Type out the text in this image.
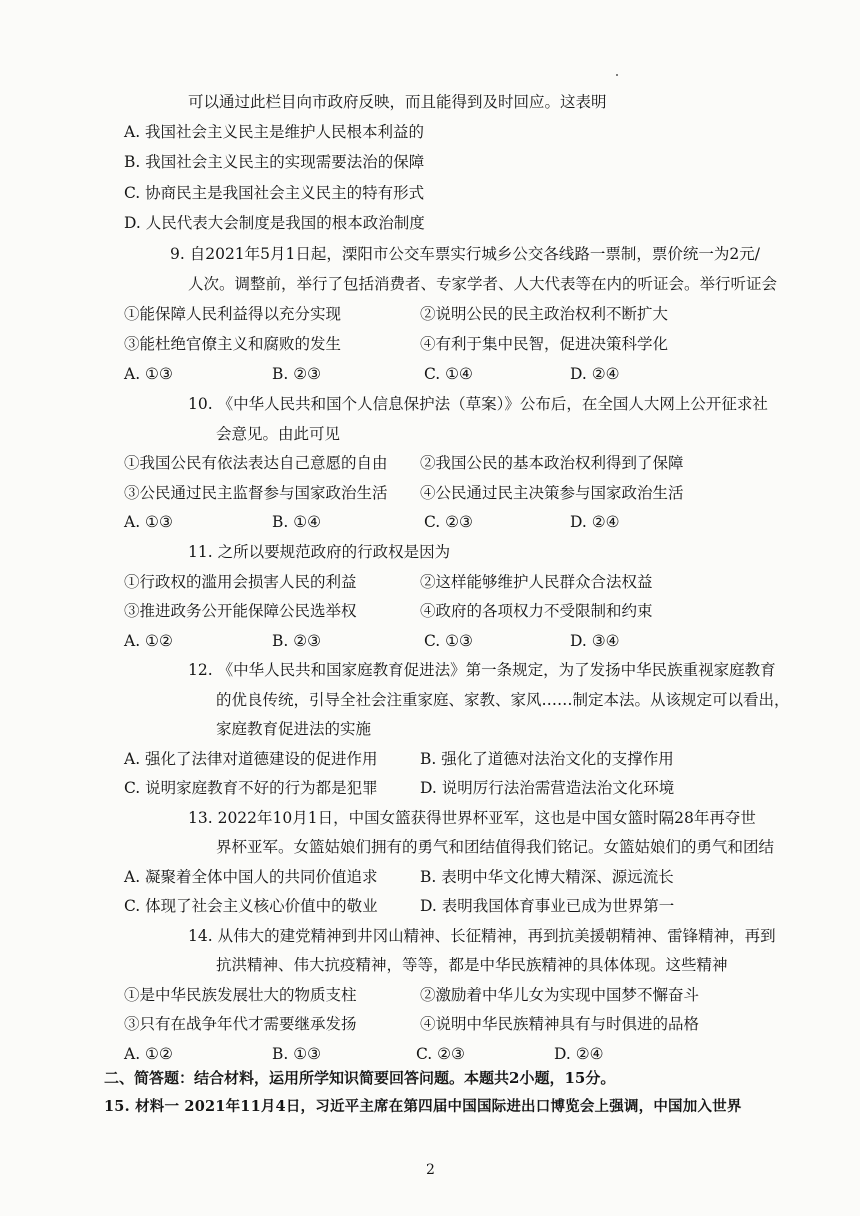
可以通过此栏目向市政府反映，而且能得到及时回应。这表明
A. 我国社会主义民主是维护人民根本利益的
B. 我国社会主义民主的实现需要法治的保障
C. 协商民主是我国社会主义民主的特有形式
D. 人民代表大会制度是我国的根本政治制度
9. 自2021年5月1日起，溧阳市公交车票实行城乡公交各线路一票制，票价统一为2元/
人次。调整前，举行了包括消费者、专家学者、人大代表等在内的听证会。举行听证会
①能保障人民利益得以充分实现	②说明公民的民主政治权利不断扩大
③能杜绝官僚主义和腐败的发生	④有利于集中民智，促进决策科学化
A. ①③	B. ②③	C. ①④	D. ②④
10. 《中华人民共和国个人信息保护法（草案）》公布后，在全国人大网上公开征求社
会意见。由此可见
①我国公民有依法表达自己意愿的自由 ②我国公民的基本政治权利得到了保障
③公民通过民主监督参与国家政治生活 ④公民通过民主决策参与国家政治生活
A. ①③	B. ①④	C. ②③	D. ②④
11. 之所以要规范政府的行政权是因为
①行政权的滥用会损害人民的利益	②这样能够维护人民群众合法权益
③推进政务公开能保障公民选举权	④政府的各项权力不受限制和约束
A. ①②	B. ②③	C. ①③	D. ③④
12. 《中华人民共和国家庭教育促进法》第一条规定，为了发扬中华民族重视家庭教育
的优良传统，引导全社会注重家庭、家教、家风……制定本法。从该规定可以看出，
家庭教育促进法的实施
A. 强化了法律对道德建设的促进作用	B. 强化了道德对法治文化的支撑作用
C. 说明家庭教育不好的行为都是犯罪	D. 说明厉行法治需营造法治文化环境
13. 2022年10月1日，中国女篮获得世界杯亚军，这也是中国女篮时隔28年再夺世
界杯亚军。女篮姑娘们拥有的勇气和团结值得我们铭记。女篮姑娘们的勇气和团结
A. 凝聚着全体中国人的共同价值追求	B. 表明中华文化博大精深、源远流长
C. 体现了社会主义核心价值中的敬业	D. 表明我国体育事业已成为世界第一
14. 从伟大的建党精神到井冈山精神、长征精神，再到抗美援朝精神、雷锋精神，再到
抗洪精神、伟大抗疫精神，等等，都是中华民族精神的具体体现。这些精神
①是中华民族发展壮大的物质支柱	②激励着中华儿女为实现中国梦不懈奋斗
③只有在战争年代才需要继承发扬	④说明中华民族精神具有与时俱进的品格
A. ①②	B. ①③	C. ②③	D. ②④
二、简答题：结合材料，运用所学知识简要回答问题。本题共2小题，15分。
15. 材料一 2021年11月4日，习近平主席在第四届中国国际进出口博览会上强调，中国加入世界
2
